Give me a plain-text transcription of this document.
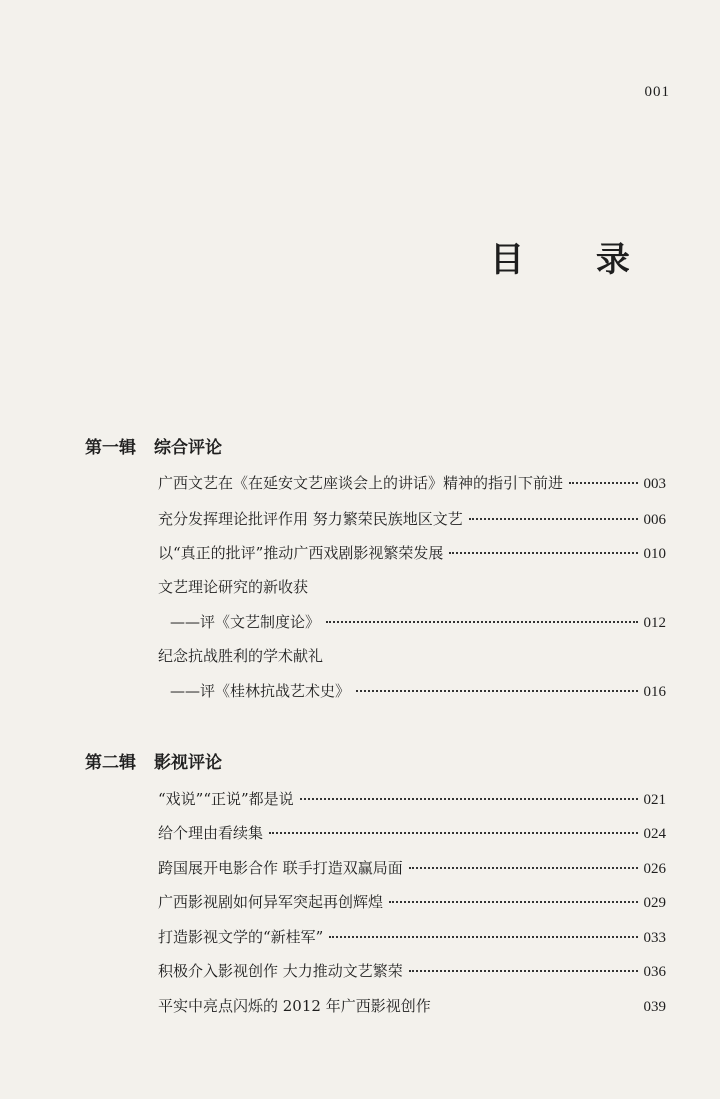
001
目 录
第一辑 综合评论
广西文艺在《在延安文艺座谈会上的讲话》精神的指引下前进	003
充分发挥理论批评作用 努力繁荣民族地区文艺	006
以“真正的批评”推动广西戏剧影视繁荣发展	010
文艺理论研究的新收获
——评《文艺制度论》	012
纪念抗战胜利的学术献礼
——评《桂林抗战艺术史》	016
第二辑 影视评论
“戏说”“正说”都是说	021
给个理由看续集	024
跨国展开电影合作 联手打造双赢局面	026
广西影视剧如何异军突起再创辉煌	029
打造影视文学的“新桂军”	033
积极介入影视创作 大力推动文艺繁荣	036
平实中亮点闪烁的 2012 年广西影视创作	039
